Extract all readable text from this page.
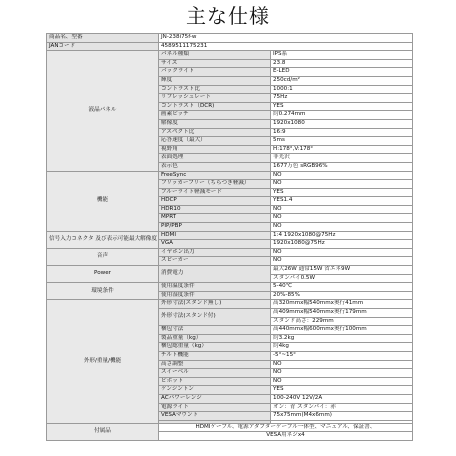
主な仕様
商品名、型番	JN-238i75f-w	
JANコード	4589511175231	
液晶パネル	パネル種類	IPS系
	サイズ	23.8
	バックライト	E-LED
	輝度	250cd/m²
	コントラスト比	1000:1
	リフレッシュレート	75Hz
	コントラスト（DCR)	YES
	画素ピッチ	約0.274mm
	解像度	1920x1080
	アスペクト比	16:9
	応答速度（最大）	5ms
	視野角	H:178°,V:178°
	表面処理	非光沢
	表示色	1677万色 sRGB96%
機能	FreeSync	NO
	フリッカーフリー（ちらつき軽減）	NO
	ブルーライト軽減モード	YES
	HDCP	YES1.4
	HDR10	NO
	MPRT	NO
	PIP/PBP	NO
信号入力コネクタ 及び表示可能最大解像度	HDMI	1:4 1920x1080@75Hz
	VGA	1920x1080@75Hz
音声	イヤホン出力	NO
	スピーカー	NO
Power	消費電力	最大26W 通常15W 省エネ9W
		スタンバイ0.5W
環境条件	使用温度条件	5-40℃
	使用湿度条件	20%-85%
外形/重量/機能	外形寸法(スタンド無し)	高320mmx幅540mmx奥行41mm
	外形寸法(スタンド付)	高409mmx幅540mmx奥行179mm
		スタンド高さ：229mm
	梱包寸法	高440mmx幅600mmx奥行100mm
	製品重量（kg）	約3.2kg
	梱包総重量（kg）	約4kg
	チルト機能	-5°~15°
	高さ調整	NO
	スイーベル	NO
	ピボット	NO
	ケンジントン	YES
	ACパワーレンジ	100-240V 12V/2A
	電源ライト	オン：青 スタンバイ：赤
	VESAマウント	75x75mm(M4x6mm)

付属品	HDMIケーブル、電源アダプターケーブル一体型、マニュアル、保証書、	
	VESA用ネジx4	
